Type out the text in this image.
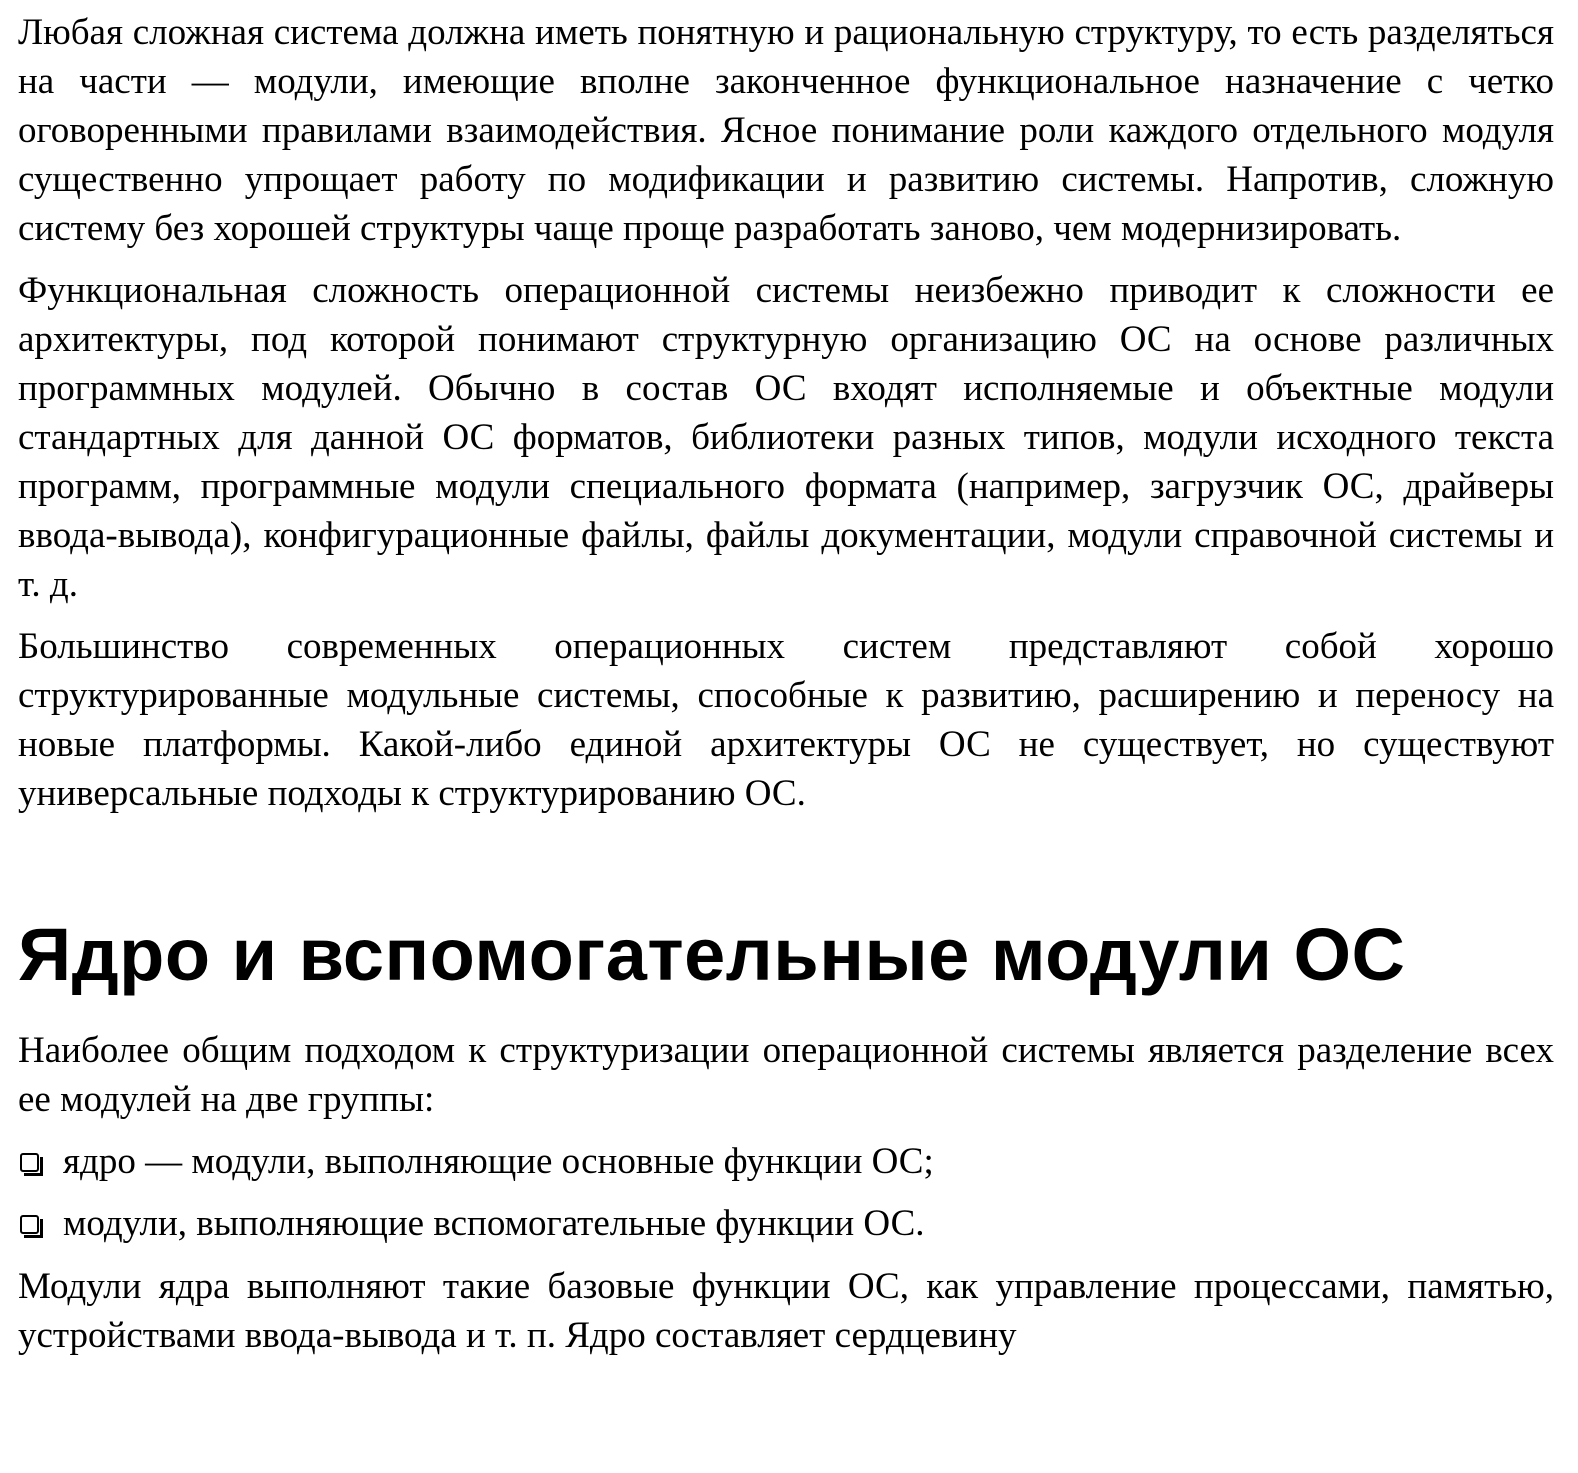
Любая сложная система должна иметь понятную и рациональную структуру, то есть разделяться на части — модули, имеющие вполне законченное функциональное назначение с четко оговоренными правилами взаимодействия. Ясное понимание роли каждого отдельного модуля существенно упрощает работу по модификации и развитию системы. Напротив, сложную систему без хорошей структуры чаще проще разработать заново, чем модернизировать.

Функциональная сложность операционной системы неизбежно приводит к сложности ее архитектуры, под которой понимают структурную организацию ОС на основе различных программных модулей. Обычно в состав ОС входят исполняемые и объектные модули стандартных для данной ОС форматов, библиотеки разных типов, модули исходного текста программ, программные модули специального формата (например, загрузчик ОС, драйверы ввода-вывода), конфигурационные файлы, файлы документации, модули справочной системы и т. д.

Большинство современных операционных систем представляют собой хорошо структурированные модульные системы, способные к развитию, расширению и переносу на новые платформы. Какой-либо единой архитектуры ОС не существует, но существуют универсальные подходы к структурированию ОС.

Ядро и вспомогательные модули ОС

Наиболее общим подходом к структуризации операционной системы является разделение всех ее модулей на две группы:

ядро — модули, выполняющие основные функции ОС;
модули, выполняющие вспомогательные функции ОС.

Модули ядра выполняют такие базовые функции ОС, как управление процессами, памятью, устройствами ввода-вывода и т. п. Ядро составляет сердцевину
